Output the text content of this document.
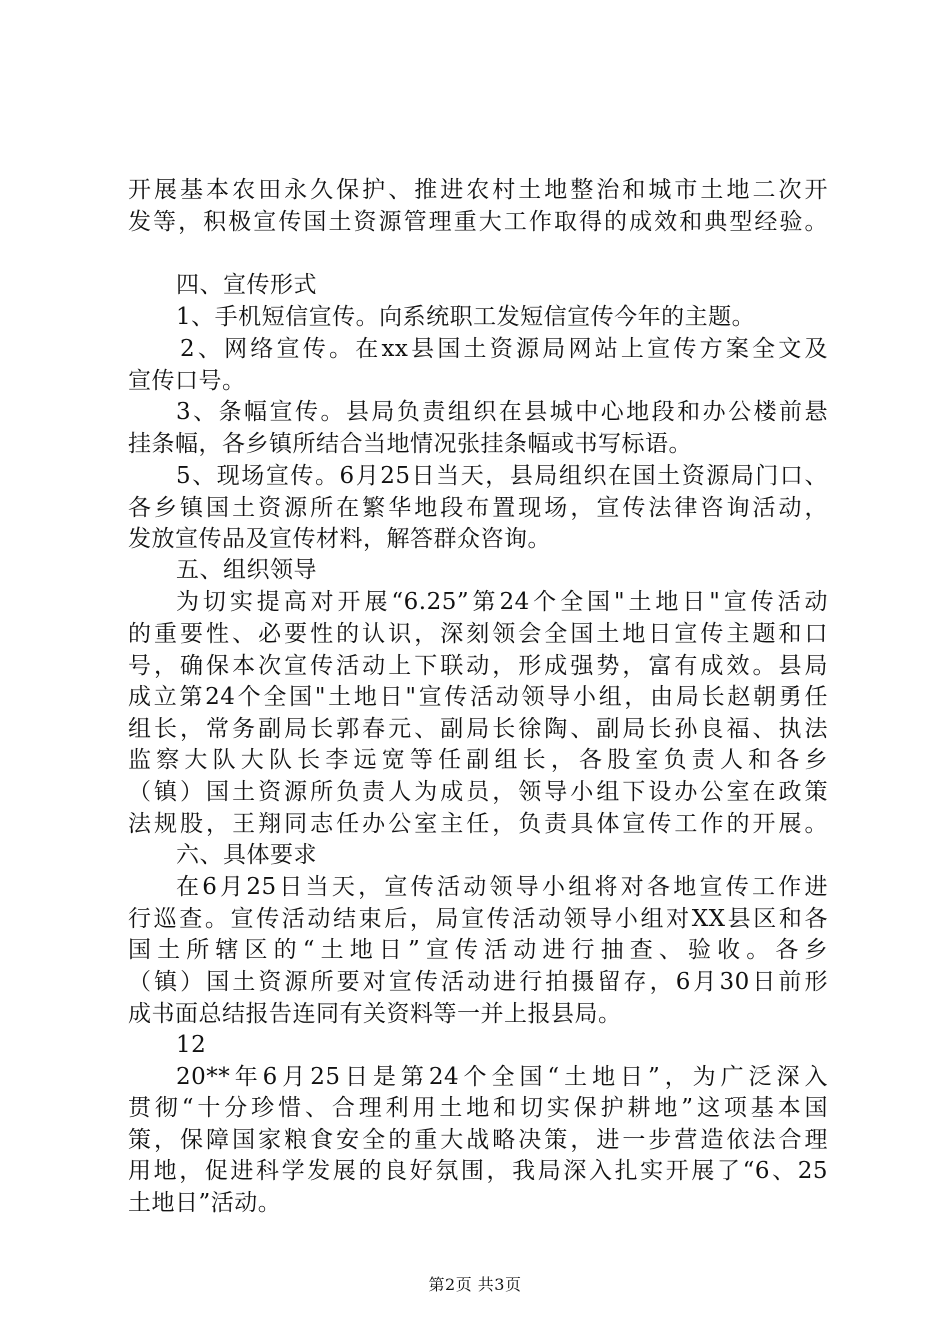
开展基本农田永久保护、推进农村土地整治和城市土地二次开
发等，积极宣传国土资源管理重大工作取得的成效和典型经验。
四、宣传形式
1、手机短信宣传。向系统职工发短信宣传今年的主题。
2、网络宣传。在xx县国土资源局网站上宣传方案全文及
宣传口号。
3、条幅宣传。县局负责组织在县城中心地段和办公楼前悬
挂条幅，各乡镇所结合当地情况张挂条幅或书写标语。
5、现场宣传。6月25日当天，县局组织在国土资源局门口、
各乡镇国土资源所在繁华地段布置现场，宣传法律咨询活动，
发放宣传品及宣传材料，解答群众咨询。
五、组织领导
为切实提高对开展“6.25”第24个全国"土地日"宣传活动
的重要性、必要性的认识，深刻领会全国土地日宣传主题和口
号，确保本次宣传活动上下联动，形成强势，富有成效。县局
成立第24个全国"土地日"宣传活动领导小组，由局长赵朝勇任
组长，常务副局长郭春元、副局长徐陶、副局长孙良福、执法
监察大队大队长李远宽等任副组长，各股室负责人和各乡
（镇）国土资源所负责人为成员，领导小组下设办公室在政策
法规股，王翔同志任办公室主任，负责具体宣传工作的开展。
六、具体要求
在6月25日当天，宣传活动领导小组将对各地宣传工作进
行巡查。宣传活动结束后，局宣传活动领导小组对XX县区和各
国土所辖区的“土地日”宣传活动进行抽查、验收。各乡
（镇）国土资源所要对宣传活动进行拍摄留存，6月30日前形
成书面总结报告连同有关资料等一并上报县局。
12
20**年6月25日是第24个全国“土地日”，为广泛深入
贯彻“十分珍惜、合理利用土地和切实保护耕地”这项基本国
策，保障国家粮食安全的重大战略决策，进一步营造依法合理
用地，促进科学发展的良好氛围，我局深入扎实开展了“6、25
土地日”活动。
第2页 共3页
